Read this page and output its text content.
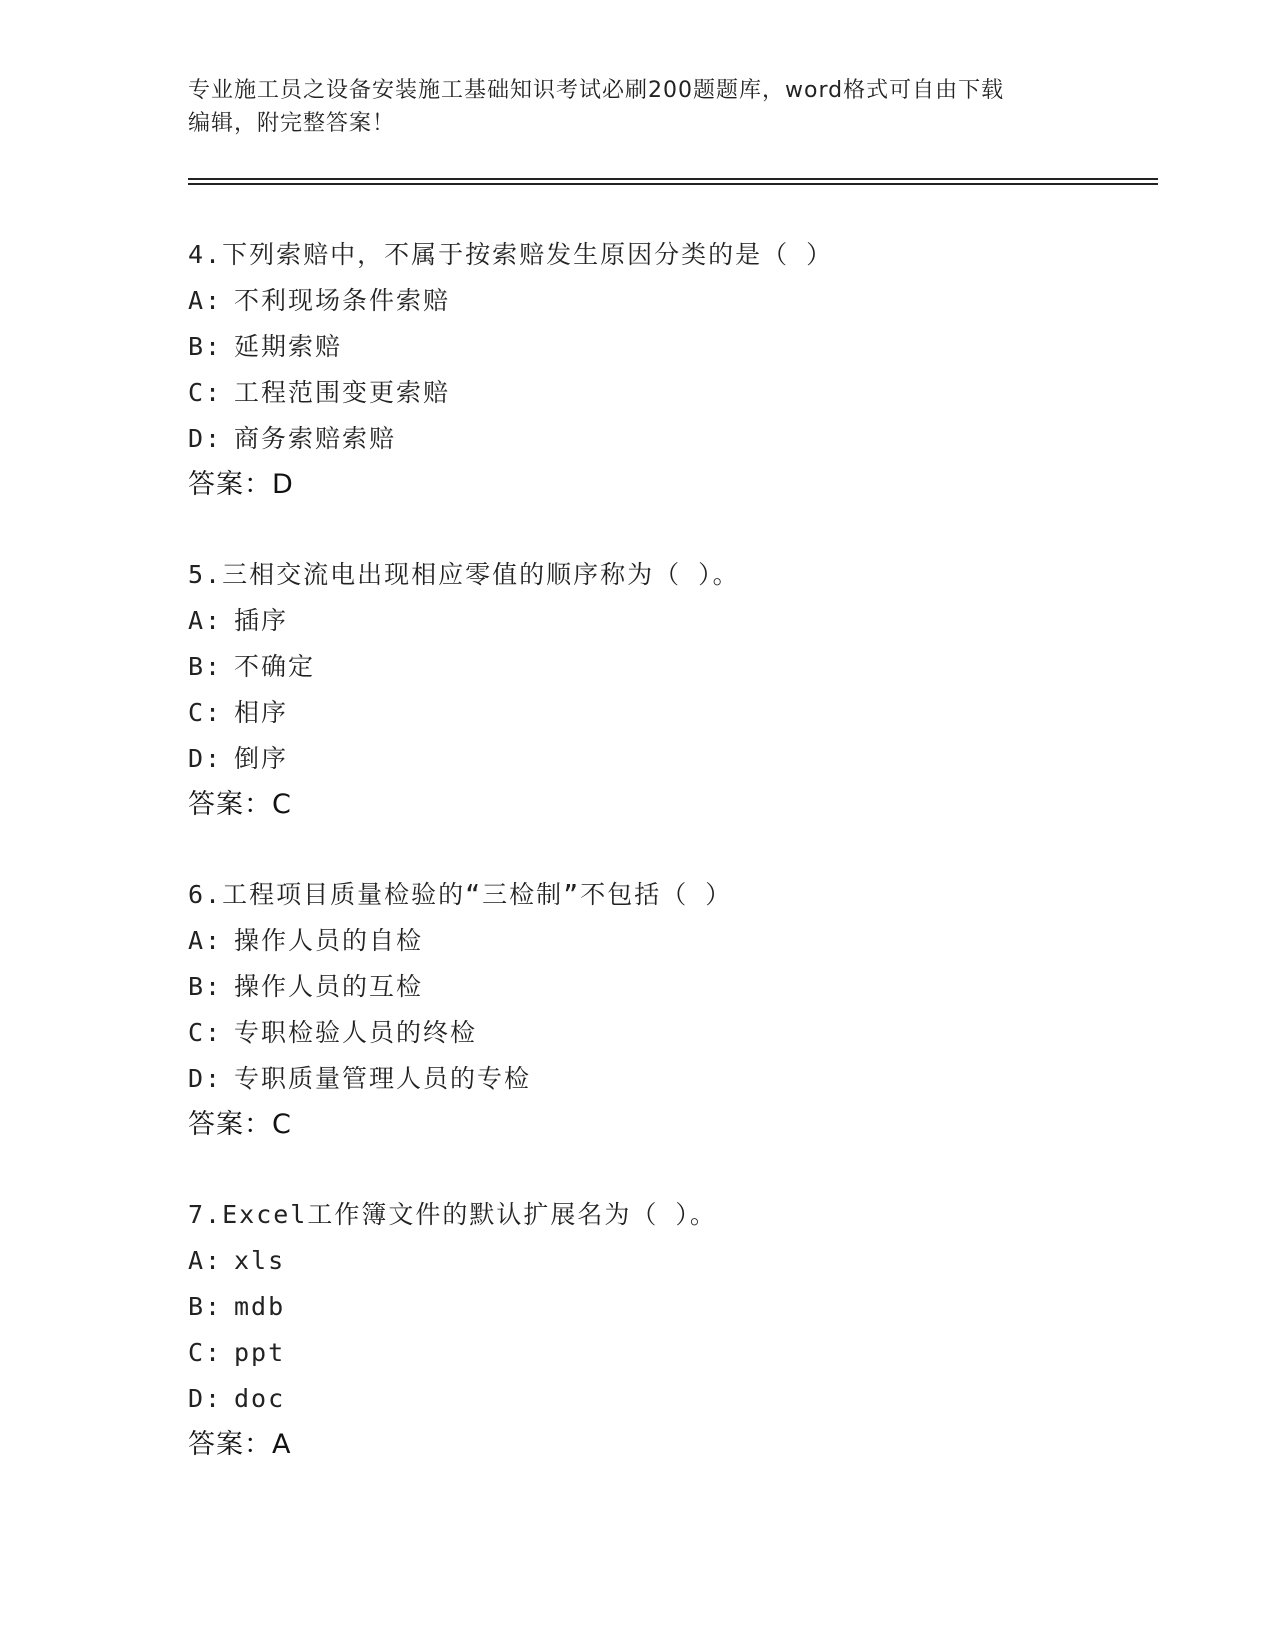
专业施工员之设备安装施工基础知识考试必刷200题题库，word格式可自由下载
编辑，附完整答案！
4.下列索赔中，不属于按索赔发生原因分类的是（ ）
A: 不利现场条件索赔
B: 延期索赔
C: 工程范围变更索赔
D: 商务索赔索赔
答案：D
5.三相交流电出现相应零值的顺序称为（ ）。
A: 插序
B: 不确定
C: 相序
D: 倒序
答案：C
6.工程项目质量检验的“三检制”不包括（ ）
A: 操作人员的自检
B: 操作人员的互检
C: 专职检验人员的终检
D: 专职质量管理人员的专检
答案：C
7.Excel工作簿文件的默认扩展名为（ ）。
A: xls
B: mdb
C: ppt
D: doc
答案：A
